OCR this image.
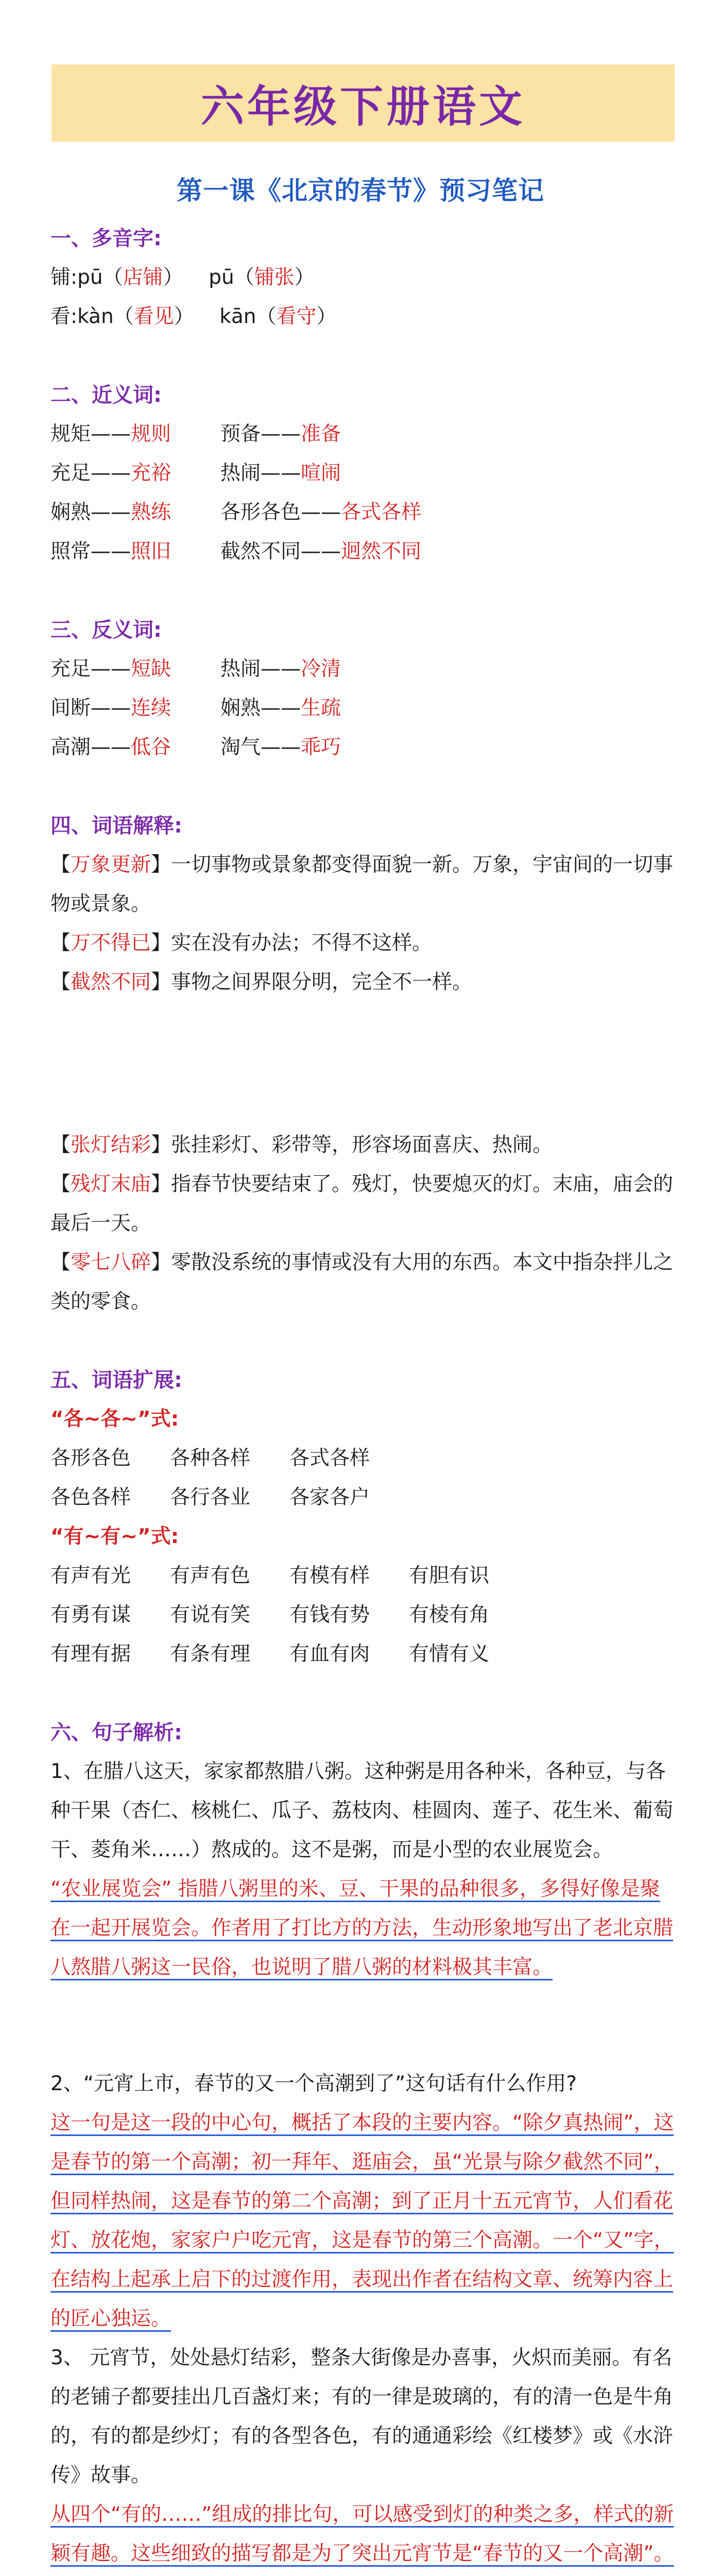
六年级下册语文
第一课《北京的春节》预习笔记
一、多音字:
铺:pū（店铺） pū（铺张）
看:kàn（看见） kān（看守）
二、近义词:
规矩——规则 预备——准备
充足——充裕 热闹——喧闹
娴熟——熟练 各形各色——各式各样
照常——照旧 截然不同——迥然不同
三、反义词:
充足——短缺 热闹——冷清
间断——连续 娴熟——生疏
高潮——低谷 淘气——乖巧
四、词语解释:
【万象更新】一切事物或景象都变得面貌一新。万象，宇宙间的一切事物或景象。
【万不得已】实在没有办法；不得不这样。
【截然不同】事物之间界限分明，完全不一样。
【张灯结彩】张挂彩灯、彩带等，形容场面喜庆、热闹。
【残灯末庙】指春节快要结束了。残灯，快要熄灭的灯。末庙，庙会的最后一天。
【零七八碎】零散没系统的事情或没有大用的东西。本文中指杂拌儿之类的零食。
五、词语扩展:
“各~各~”式:
各形各色	各种各样	各式各样
各色各样	各行各业	各家各户
“有~有~”式:
有声有光	有声有色	有模有样	有胆有识
有勇有谋	有说有笑	有钱有势	有棱有角
有理有据	有条有理	有血有肉	有情有义
六、句子解析:
1、在腊八这天，家家都熬腊八粥。这种粥是用各种米，各种豆，与各种干果（杏仁、核桃仁、瓜子、荔枝肉、桂圆肉、莲子、花生米、葡萄干、菱角米……）熬成的。这不是粥，而是小型的农业展览会。
“农业展览会” 指腊八粥里的米、豆、干果的品种很多，多得好像是聚在一起开展览会。作者用了打比方的方法，生动形象地写出了老北京腊八熬腊八粥这一民俗，也说明了腊八粥的材料极其丰富。
2、“元宵上市，春节的又一个高潮到了”这句话有什么作用?
这一句是这一段的中心句，概括了本段的主要内容。“除夕真热闹”，这是春节的第一个高潮；初一拜年、逛庙会，虽“光景与除夕截然不同”，但同样热闹，这是春节的第二个高潮；到了正月十五元宵节，人们看花灯、放花炮，家家户户吃元宵，这是春节的第三个高潮。一个“又”字，在结构上起承上启下的过渡作用，表现出作者在结构文章、统筹内容上的匠心独运。
3、 元宵节，处处悬灯结彩，整条大街像是办喜事，火炽而美丽。有名的老铺子都要挂出几百盏灯来；有的一律是玻璃的，有的清一色是牛角的，有的都是纱灯；有的各型各色，有的通通彩绘《红楼梦》或《水浒传》故事。
从四个“有的……”组成的排比句，可以感受到灯的种类之多，样式的新颖有趣。这些细致的描写都是为了突出元宵节是“春节的又一个高潮”。
